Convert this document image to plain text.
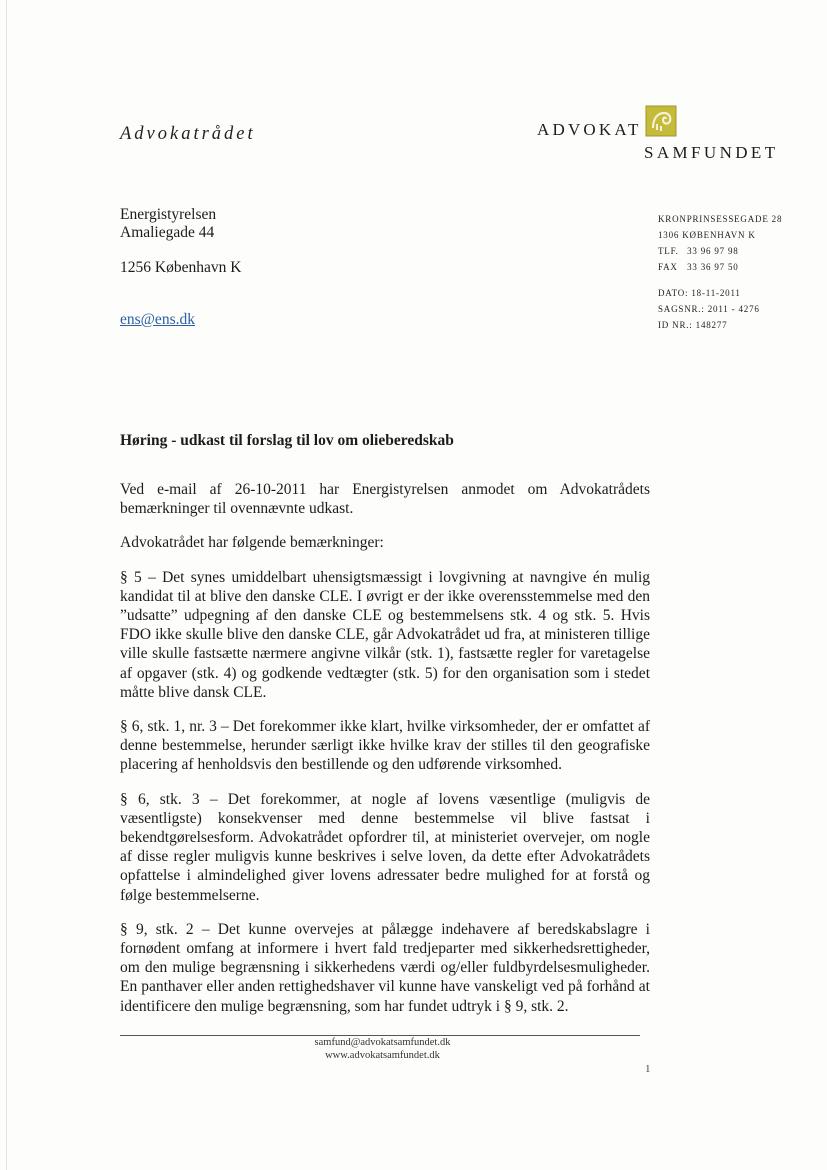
Advokatrådet	ADVOKAT
SAMFUNDET
Energistyrelsen
Amaliegade 44
1256 København K
ens@ens.dk
KRONPRINSESSEGADE 28
1306 KØBENHAVN K
TLF. 33 96 97 98
FAX 33 36 97 50
DATO: 18-11-2011
SAGSNR.: 2011 - 4276
ID NR.: 148277
Høring - udkast til forslag til lov om olieberedskab

Ved e-mail af 26-10-2011 har Energistyrelsen anmodet om Advokatrådets bemærkninger til ovennævnte udkast.

Advokatrådet har følgende bemærkninger:

§ 5 – Det synes umiddelbart uhensigtsmæssigt i lovgivning at navngive én mulig kandidat til at blive den danske CLE. I øvrigt er der ikke overensstemmelse med den ”udsatte” udpegning af den danske CLE og bestemmelsens stk. 4 og stk. 5. Hvis FDO ikke skulle blive den danske CLE, går Advokatrådet ud fra, at ministeren tillige ville skulle fastsætte nærmere angivne vilkår (stk. 1), fastsætte regler for varetagelse af opgaver (stk. 4) og godkende vedtægter (stk. 5) for den organisation som i stedet måtte blive dansk CLE.

§ 6, stk. 1, nr. 3 – Det forekommer ikke klart, hvilke virksomheder, der er omfattet af denne bestemmelse, herunder særligt ikke hvilke krav der stilles til den geografiske placering af henholdsvis den bestillende og den udførende virksomhed.

§ 6, stk. 3 – Det forekommer, at nogle af lovens væsentlige (muligvis de væsentligste) konsekvenser med denne bestemmelse vil blive fastsat i bekendtgørelsesform. Advokatrådet opfordrer til, at ministeriet overvejer, om nogle af disse regler muligvis kunne beskrives i selve loven, da dette efter Advokatrådets opfattelse i almindelighed giver lovens adressater bedre mulighed for at forstå og følge bestemmelserne.

§ 9, stk. 2 – Det kunne overvejes at pålægge indehavere af beredskabslagre i fornødent omfang at informere i hvert fald tredjeparter med sikkerhedsrettigheder, om den mulige begrænsning i sikkerhedens værdi og/eller fuldbyrdelsesmuligheder. En panthaver eller anden rettighedshaver vil kunne have vanskeligt ved på forhånd at identificere den mulige begrænsning, som har fundet udtryk i § 9, stk. 2.

samfund@advokatsamfundet.dk
www.advokatsamfundet.dk
1
